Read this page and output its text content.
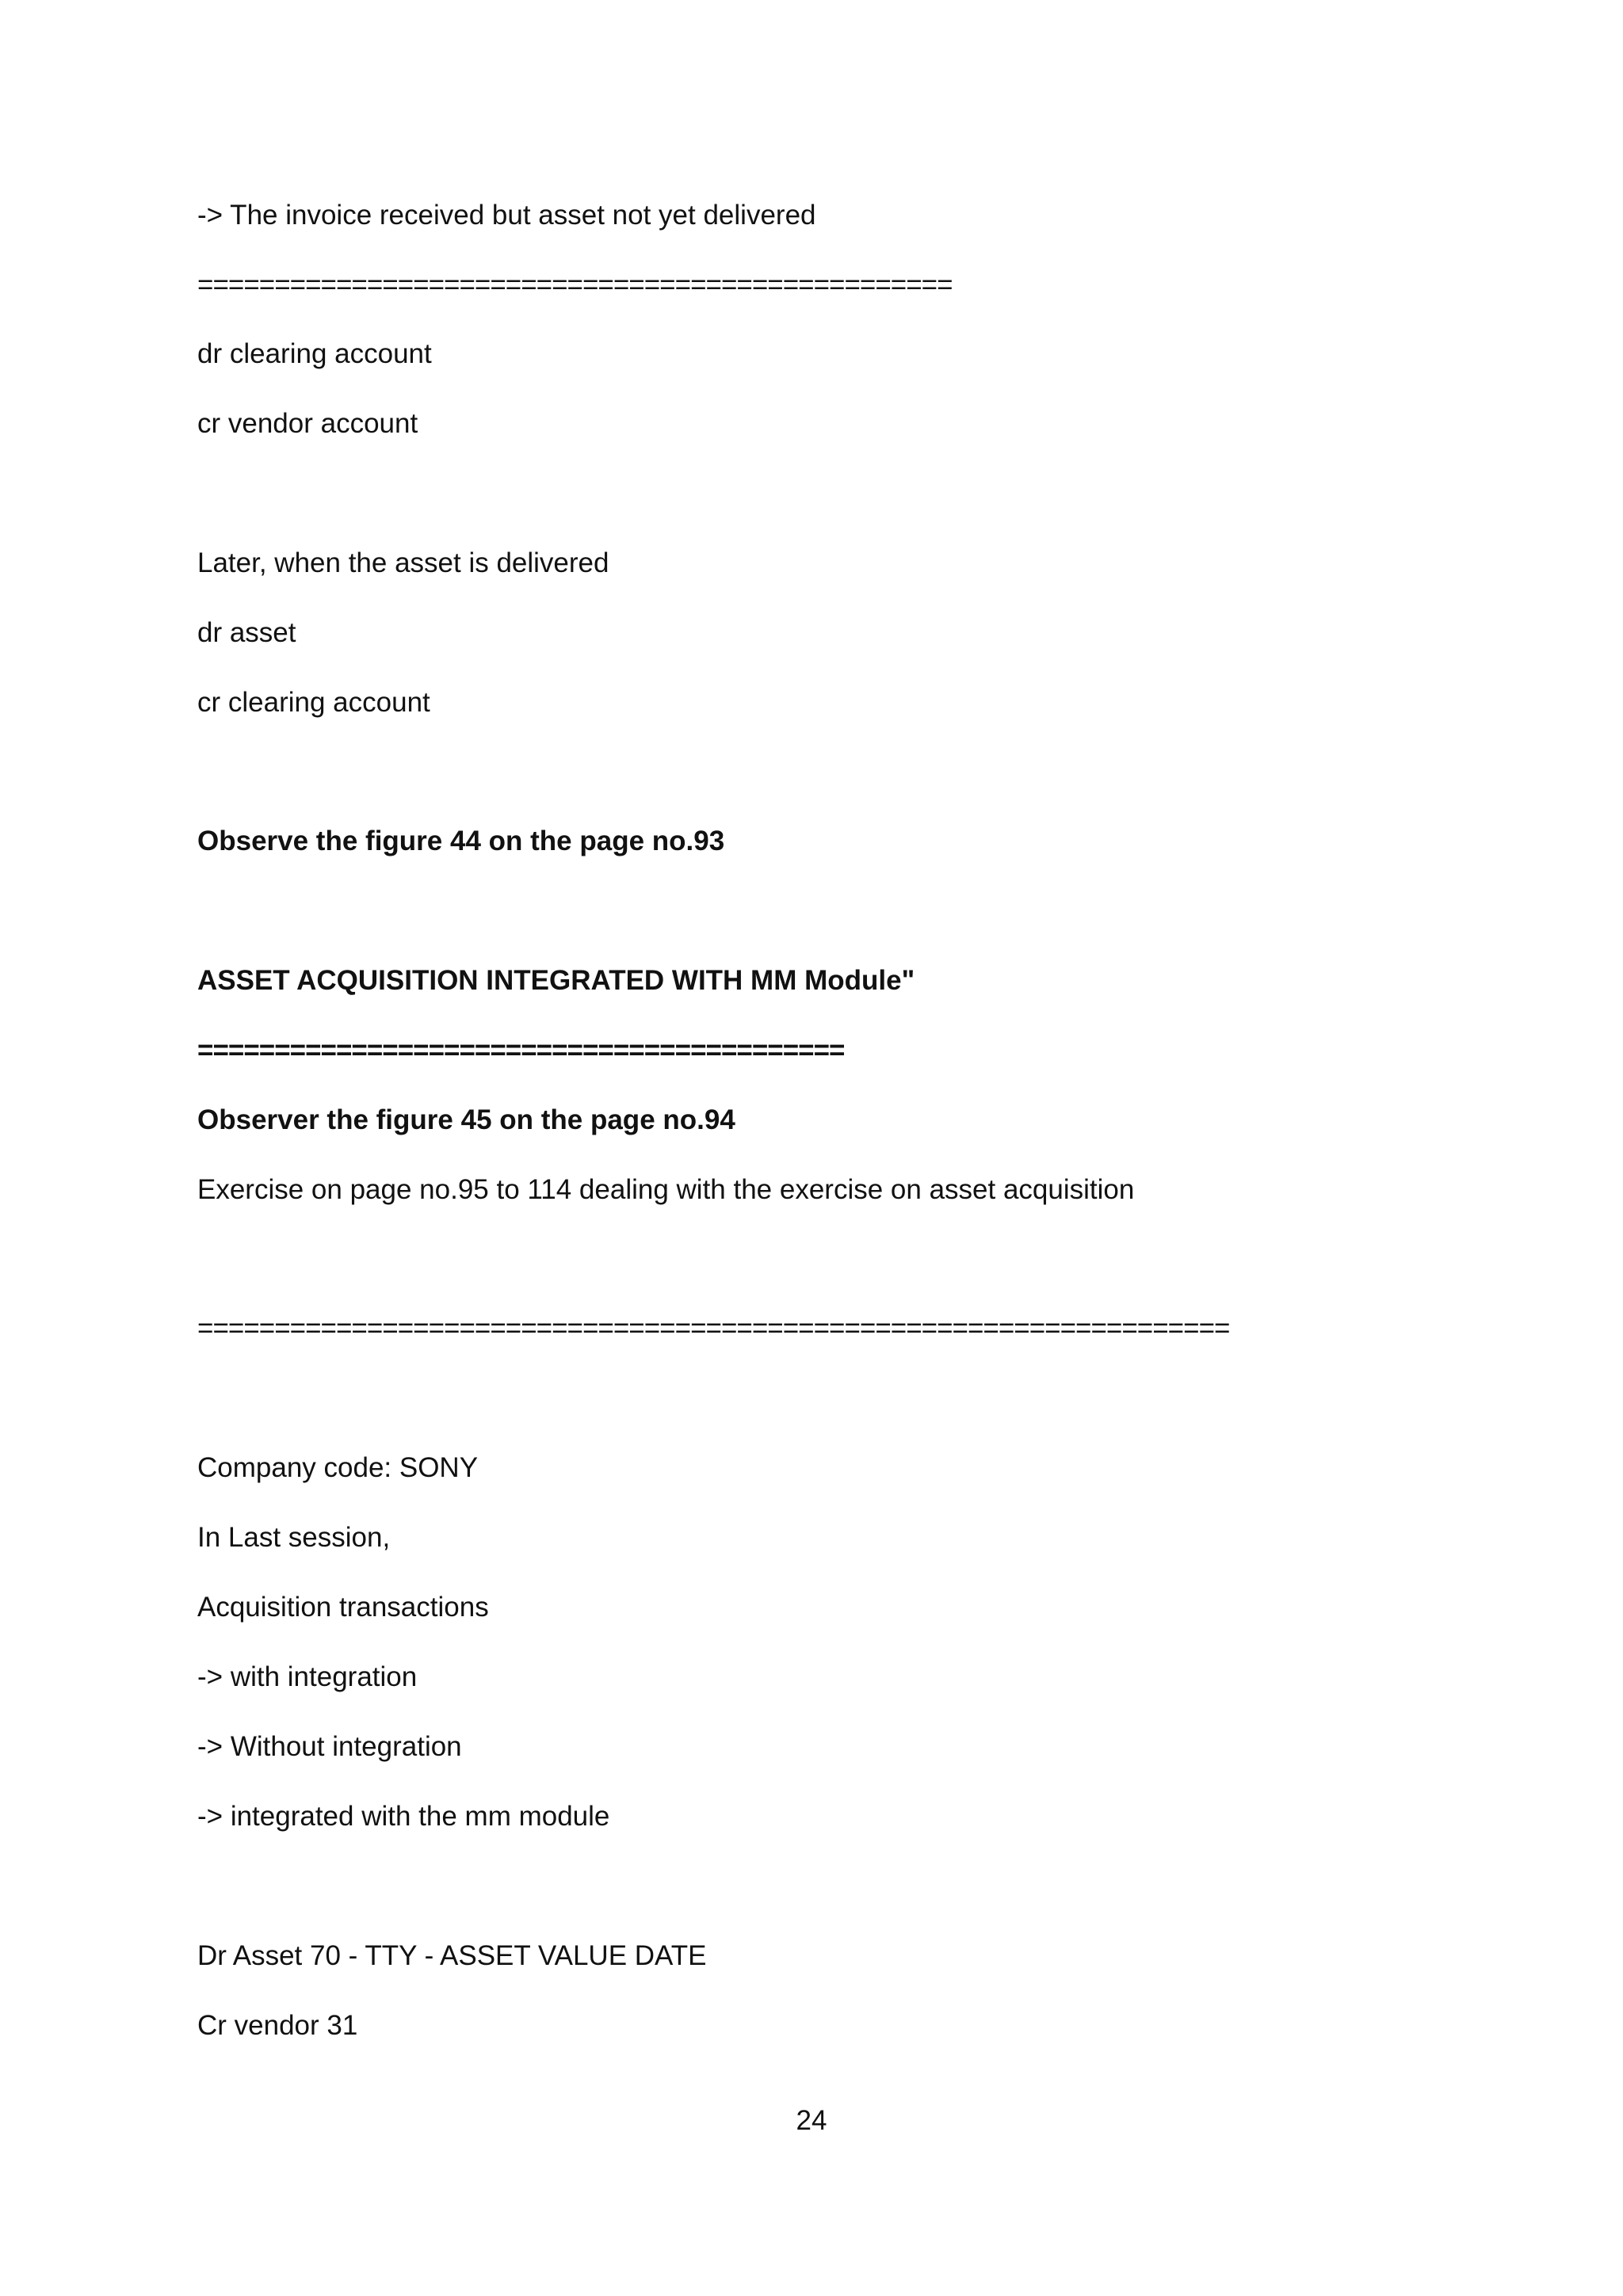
-> The invoice received but asset not yet delivered

=================================================

dr clearing account

cr vendor account

Later, when the asset is delivered

dr asset

cr clearing account

Observe the figure 44 on the page no.93

ASSET ACQUISITION INTEGRATED WITH MM Module"

==========================================

Observer the figure 45 on the page no.94

Exercise on page no.95 to 114 dealing with the exercise on asset acquisition

===================================================================

Company code: SONY

In Last session,

Acquisition transactions

-> with integration

-> Without integration

-> integrated with the mm module

Dr Asset 70 - TTY - ASSET VALUE DATE

Cr vendor 31

24
